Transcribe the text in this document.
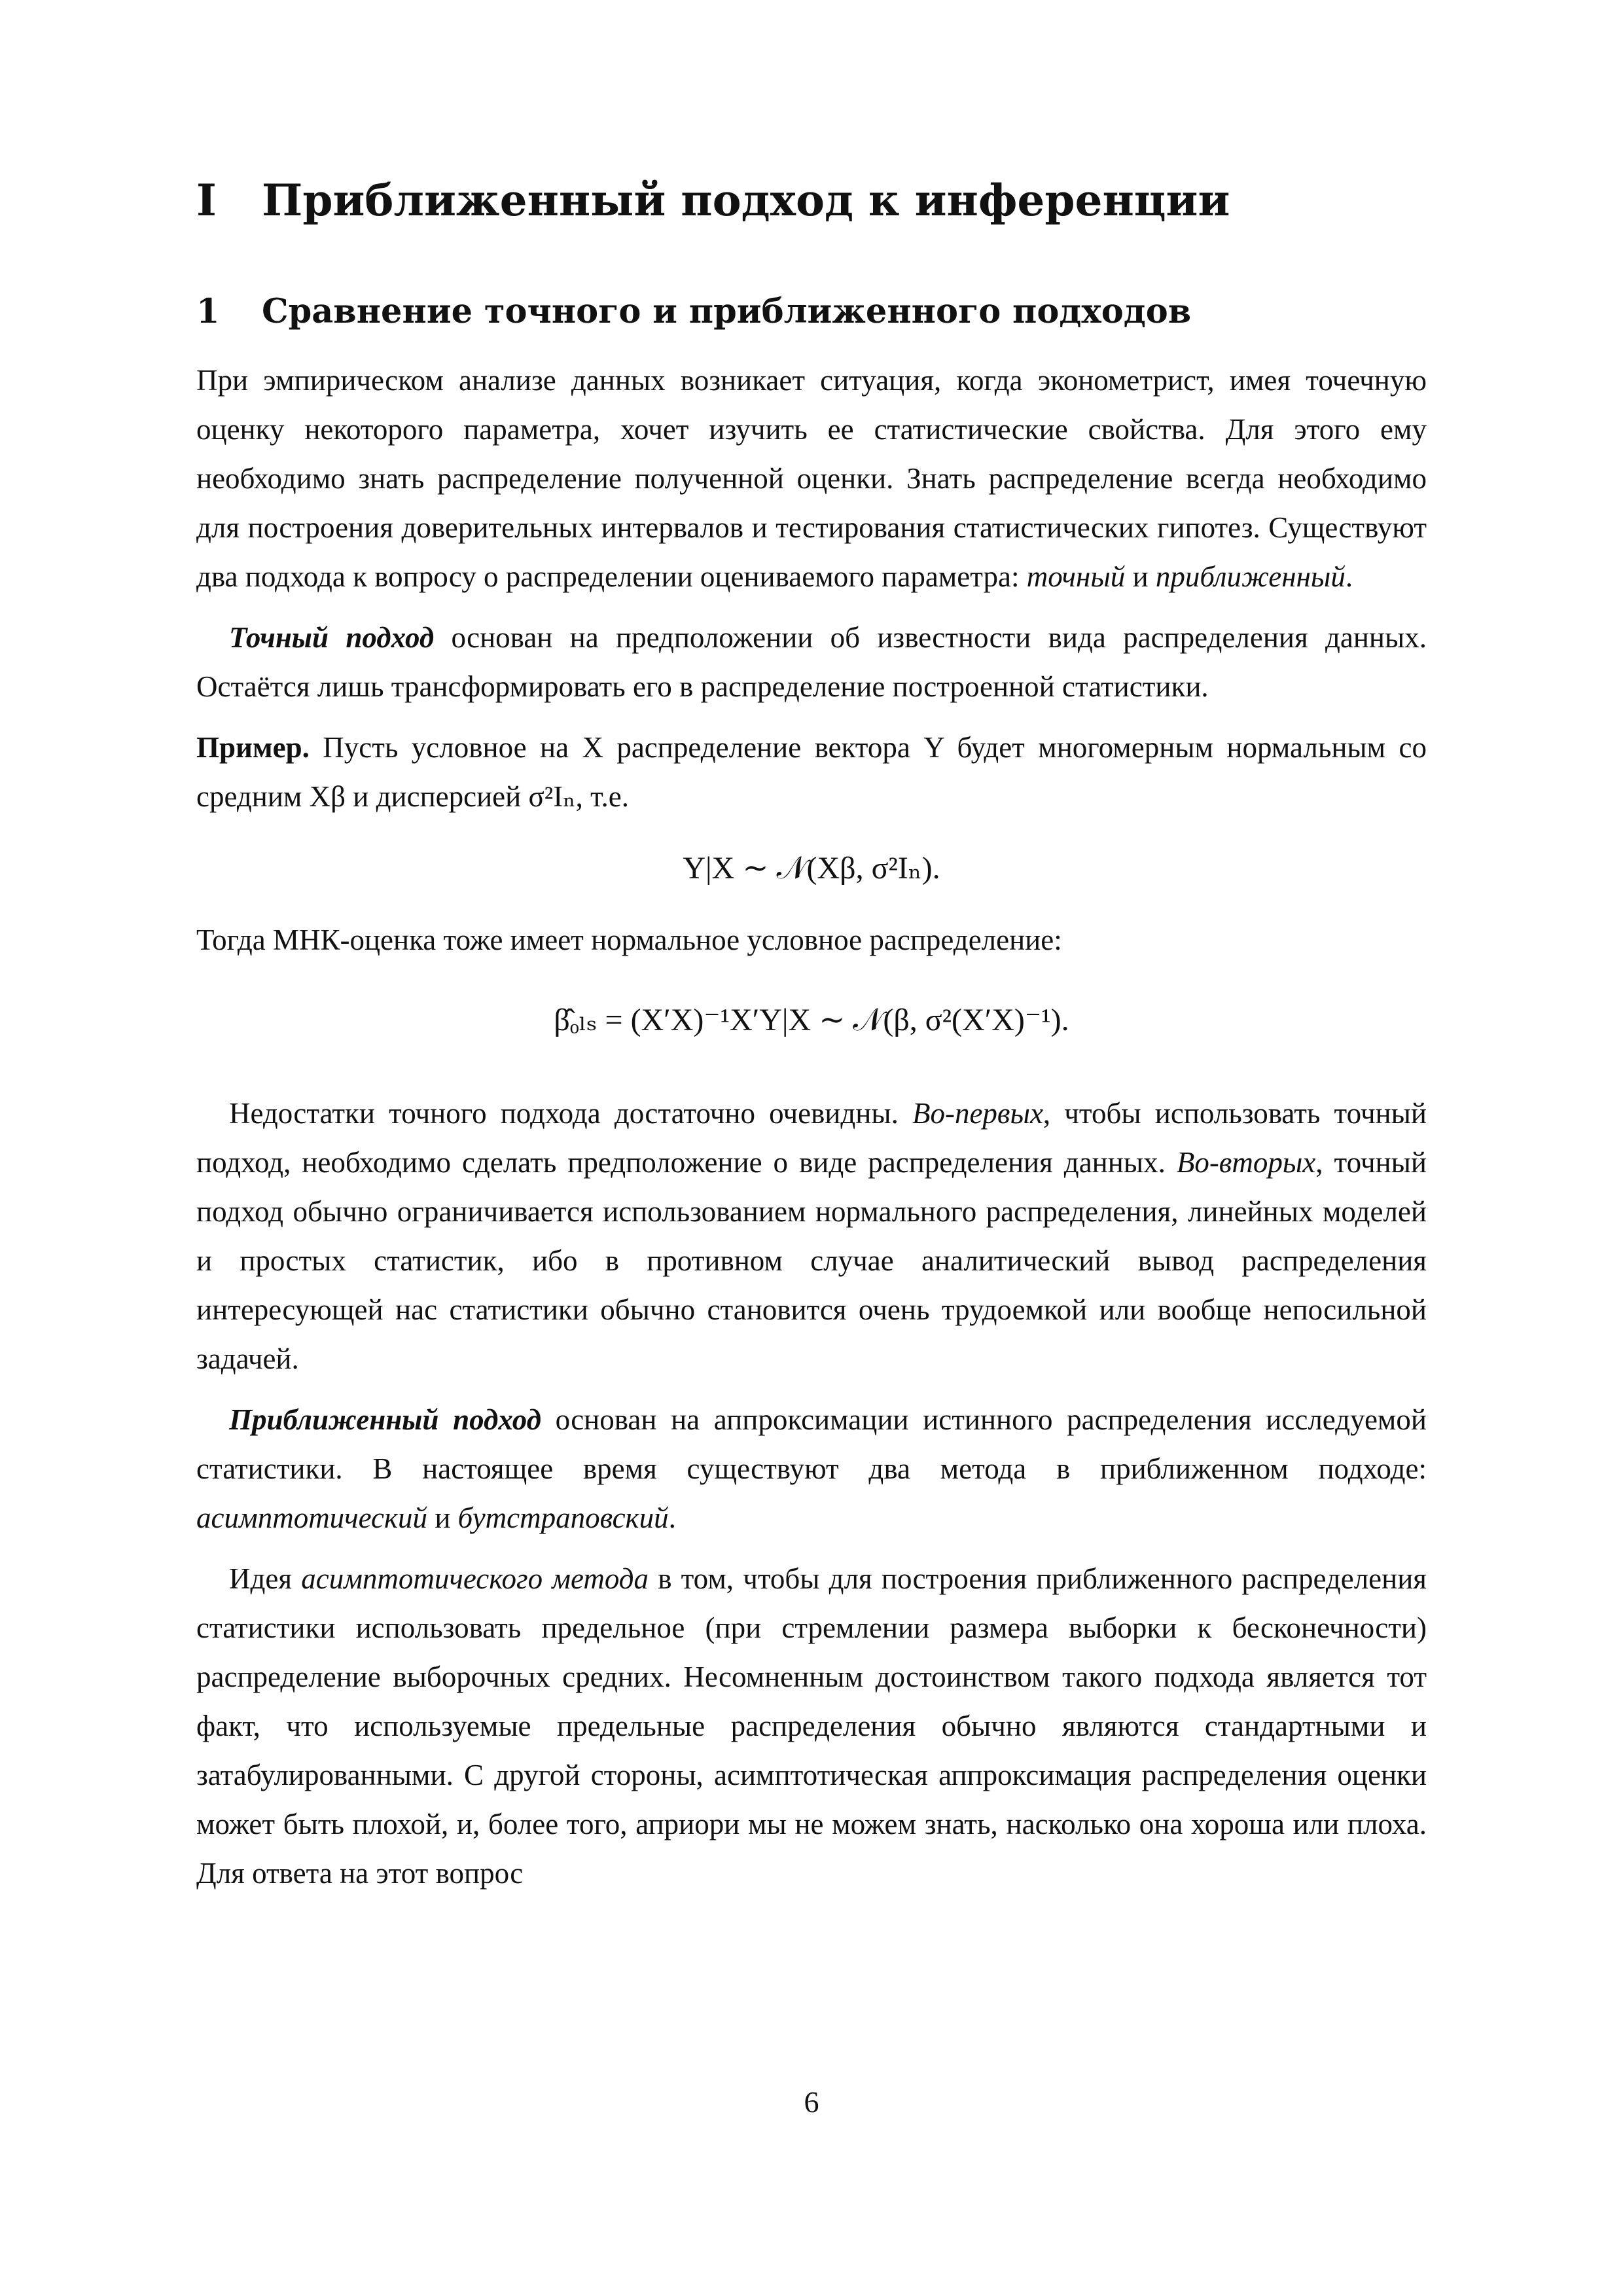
I	Приближенный подход к инференции
1	Сравнение точного и приближенного подходов

При эмпирическом анализе данных возникает ситуация, когда эконометрист, имея точечную оценку некоторого параметра, хочет изучить ее статистические свойства. Для этого ему необходимо знать распределение полученной оценки. Знать распределение всегда необходимо для построения доверительных интервалов и тестирования статистических гипотез. Существуют два подхода к вопросу о распределении оцениваемого параметра: точный и приближенный.

Точный подход основан на предположении об известности вида распределения данных. Остаётся лишь трансформировать его в распределение построенной статистики.

Пример. Пусть условное на X распределение вектора Y будет многомерным нормальным со средним Xβ и дисперсией σ²Iₙ, т.е.

Y|X ∼ 𝒩(Xβ, σ²Iₙ).

Тогда МНК-оценка тоже имеет нормальное условное распределение:

β̂ₒₗₛ = (X′X)⁻¹X′Y|X ∼ 𝒩(β, σ²(X′X)⁻¹).

Недостатки точного подхода достаточно очевидны. Во-первых, чтобы использовать точный подход, необходимо сделать предположение о виде распределения данных. Во-вторых, точный подход обычно ограничивается использованием нормального распределения, линейных моделей и простых статистик, ибо в противном случае аналитический вывод распределения интересующей нас статистики обычно становится очень трудоемкой или вообще непосильной задачей.

Приближенный подход основан на аппроксимации истинного распределения исследуемой статистики. В настоящее время существуют два метода в приближенном подходе: асимптотический и бутстраповский.

Идея асимптотического метода в том, чтобы для построения приближенного распределения статистики использовать предельное (при стремлении размера выборки к бесконечности) распределение выборочных средних. Несомненным достоинством такого подхода является тот факт, что используемые предельные распределения обычно являются стандартными и затабулированными. С другой стороны, асимптотическая аппроксимация распределения оценки может быть плохой, и, более того, априори мы не можем знать, насколько она хороша или плоха. Для ответа на этот вопрос

6
